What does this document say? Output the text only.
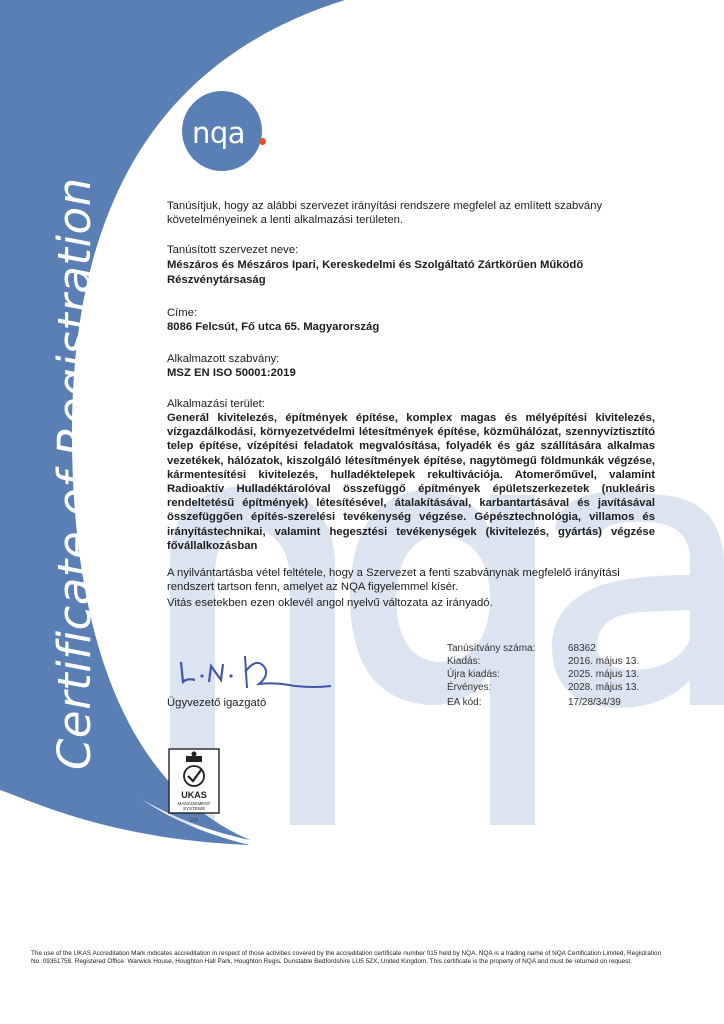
Certificate of Registration
nqa
Tanúsítjuk, hogy az alábbi szervezet irányítási rendszere megfelel az említett szabvány követelményeinek a lenti alkalmazási területen.
Tanúsított szervezet neve:
Mészáros és Mészáros Ipari, Kereskedelmi és Szolgáltató Zártkörűen Működő
Részvénytársaság
Címe:
8086 Felcsút, Fő utca 65. Magyarország
Alkalmazott szabvány:
MSZ EN ISO 50001:2019
Alkalmazási terület:
Generál kivitelezés, építmények építése, komplex magas és mélyépítési kivitelezés, vízgazdálkodási, környezetvédelmi létesítmények építése, közműhálózat, szennyvíztisztító telep építése, vízépítési feladatok megvalósítása, folyadék és gáz szállítására alkalmas vezetékek, hálózatok, kiszolgáló létesítmények építése, nagytömegű földmunkák végzése, kármentesítési kivitelezés, hulladéktelepek rekultivációja. Atomerőművel, valamint Radioaktív Hulladéktárolóval összefüggő építmények épületszerkezetek (nukleáris rendeltetésű építmények) létesítésével, átalakításával, karbantartásával és javításával összefüggően építés-szerelési tevékenység végzése. Gépésztechnológia, villamos és irányítástechnikai, valamint hegesztési tevékenységek (kivitelezés, gyártás) végzése fővállalkozásban
A nyilvántartásba vétel feltétele, hogy a Szervezet a fenti szabványnak megfelelő irányítási rendszert tartson fenn, amelyet az NQA figyelemmel kísér.
Vitás esetekben ezen oklevél angol nyelvű változata az irányadó.
Tanúsítvány száma:	68362
Kiadás:	2016. május 13.
Újra kiadás:	2025. május 13.
Érvényes:	2028. május 13.
EA kód:	17/28/34/39
Ügyvezető igazgató
UKAS
MANAGEMENT
SYSTEMS
015
The use of the UKAS Accreditation Mark indicates accreditation in respect of those activities covered by the accreditation certificate number 015 held by NQA. NQA is a trading name of NQA Certification Limited, Registration No. 09351758. Registered Office: Warwick House, Houghton Hall Park, Houghton Regis, Dunstable Bedfordshire LU5 5ZX, United Kingdom. This certificate is the property of NQA and must be returned on request.
